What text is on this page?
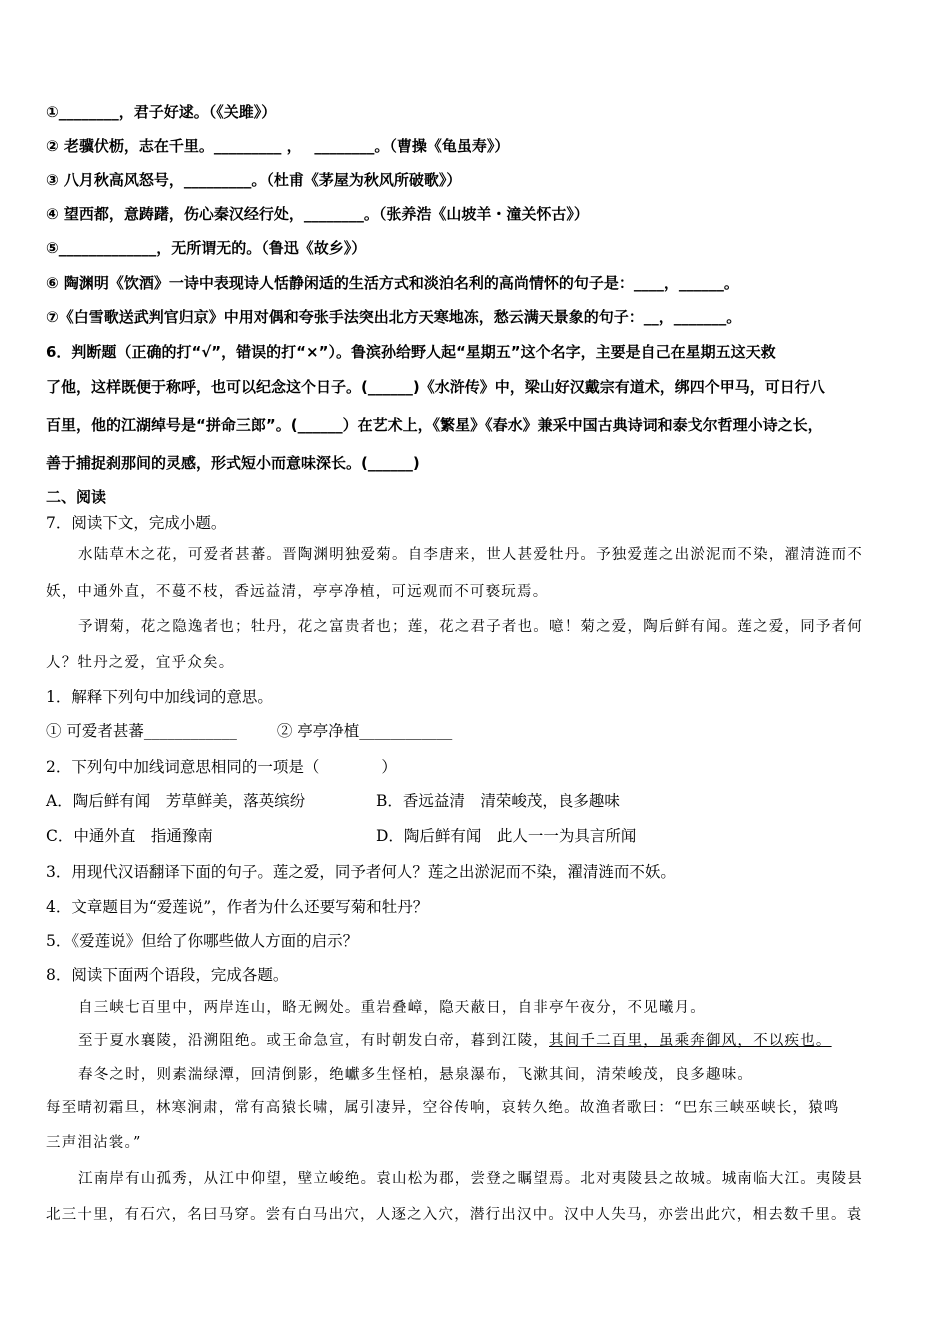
①________，君子好逑。（《关雎》）
② 老骥伏枥，志在千里。_________ ，　 ________。（曹操《龟虽寿》）
③ 八月秋高风怒号，_________。（杜甫《茅屋为秋风所破歌》）
④ 望西都，意踌躇，伤心秦汉经行处，________。（张养浩《山坡羊・潼关怀古》）
⑤_____________，无所谓无的。（鲁迅《故乡》）
⑥ 陶渊明《饮酒》一诗中表现诗人恬静闲适的生活方式和淡泊名利的高尚情怀的句子是：____，______。
⑦《白雪歌送武判官归京》中用对偶和夸张手法突出北方天寒地冻，愁云满天景象的句子：__，_______。
6．判断题（正确的打“√”，错误的打“×”）。鲁滨孙给野人起“星期五”这个名字，主要是自己在星期五这天救
了他，这样既便于称呼，也可以纪念这个日子。(______)《水浒传》中，梁山好汉戴宗有道术，绑四个甲马，可日行八
百里，他的江湖绰号是“拼命三郎”。(______）在艺术上，《繁星》《春水》兼采中国古典诗词和泰戈尔哲理小诗之长，
善于捕捉刹那间的灵感，形式短小而意味深长。(______)
二、阅读
7．阅读下文，完成小题。
水陆草木之花，可爱者甚蕃。晋陶渊明独爱菊。自李唐来，世人甚爱牡丹。予独爱莲之出淤泥而不染，濯清涟而不
妖，中通外直，不蔓不枝，香远益清，亭亭净植，可远观而不可亵玩焉。
予谓菊，花之隐逸者也；牡丹，花之富贵者也；莲，花之君子者也。噫！菊之爱，陶后鲜有闻。莲之爱，同予者何
人？牡丹之爱，宜乎众矣。
1．解释下列句中加线词的意思。
① 可爱者甚蕃____________	② 亭亭净植____________
2．下列句中加线词意思相同的一项是（　　　　）
A．陶后鲜有闻　芳草鲜美，落英缤纷	B．香远益清　清荣峻茂，良多趣味
C．中通外直　指通豫南	D．陶后鲜有闻　此人一一为具言所闻
3．用现代汉语翻译下面的句子。莲之爱，同予者何人？莲之出淤泥而不染，濯清涟而不妖。
4．文章题目为“爱莲说”，作者为什么还要写菊和牡丹？
5．《爱莲说》但给了你哪些做人方面的启示？
8．阅读下面两个语段，完成各题。
自三峡七百里中，两岸连山，略无阙处。重岩叠嶂，隐天蔽日，自非亭午夜分，不见曦月。
至于夏水襄陵，沿溯阻绝。或王命急宣，有时朝发白帝，暮到江陵，其间千二百里，虽乘奔御风，不以疾也。
春冬之时，则素湍绿潭，回清倒影，绝巘多生怪柏，悬泉瀑布，飞漱其间，清荣峻茂，良多趣味。
每至晴初霜旦，林寒涧肃，常有高猿长啸，属引凄异，空谷传响，哀转久绝。故渔者歌曰：“巴东三峡巫峡长，猿鸣
三声泪沾裳。”
江南岸有山孤秀，从江中仰望，壁立峻绝。袁山松为郡，尝登之瞩望焉。北对夷陵县之故城。城南临大江。夷陵县
北三十里，有石穴，名曰马穿。尝有白马出穴，人逐之入穴，潜行出汉中。汉中人失马，亦尝出此穴，相去数千里。袁
